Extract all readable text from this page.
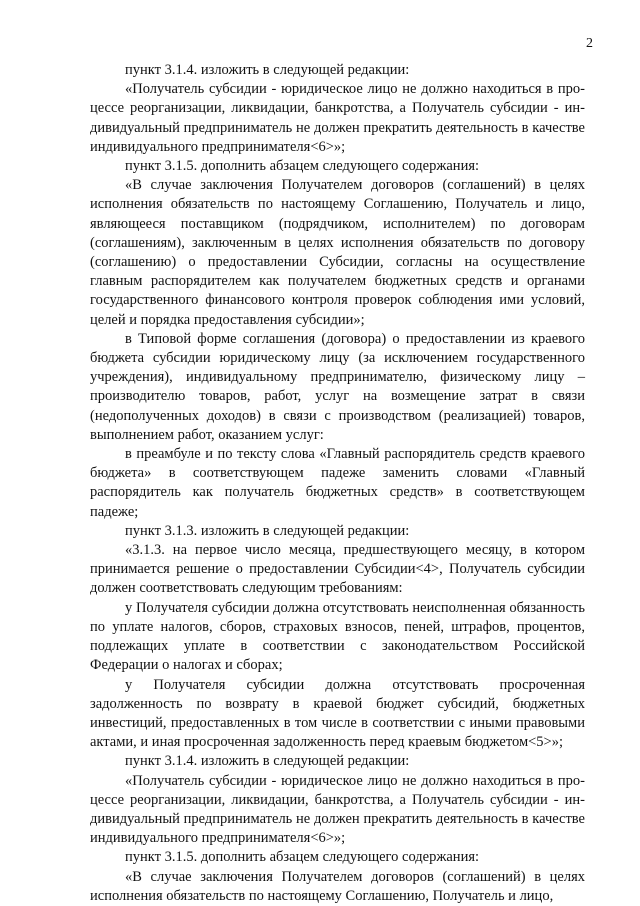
2

пункт 3.1.4. изложить в следующей редакции:

«Получатель субсидии - юридическое лицо не должно находиться в процессе реорганизации, ликвидации, банкротства, а Получатель субсидии - индивидуальный предприниматель не должен прекратить деятельность в качестве индивидуального предпринимателя<6>»;

пункт 3.1.5. дополнить абзацем следующего содержания:

«В случае заключения Получателем договоров (соглашений) в целях исполнения обязательств по настоящему Соглашению, Получатель и лицо, являющееся поставщиком (подрядчиком, исполнителем) по договорам (соглашениям), заключенным в целях исполнения обязательств по договору (соглашению) о предоставлении Субсидии, согласны на осуществление главным распорядителем как получателем бюджетных средств и органами государственного финансового контроля проверок соблюдения ими условий, целей и порядка предоставления субсидии»;

в Типовой форме соглашения (договора) о предоставлении из краевого бюджета субсидии юридическому лицу (за исключением государственного учреждения), индивидуальному предпринимателю, физическому лицу – производителю товаров, работ, услуг на возмещение затрат в связи (недополученных доходов) в связи с производством (реализацией) товаров, выполнением работ, оказанием услуг:

в преамбуле и по тексту слова «Главный распорядитель средств краевого бюджета» в соответствующем падеже заменить словами «Главный распорядитель как получатель бюджетных средств» в соответствующем падеже;

пункт 3.1.3. изложить в следующей редакции:

«3.1.3. на первое число месяца, предшествующего месяцу, в котором принимается решение о предоставлении Субсидии<4>, Получатель субсидии должен соответствовать следующим требованиям:

у Получателя субсидии должна отсутствовать неисполненная обязанность по уплате налогов, сборов, страховых взносов, пеней, штрафов, процентов, подлежащих уплате в соответствии с законодательством Российской Федерации о налогах и сборах;

у Получателя субсидии должна отсутствовать просроченная задолженность по возврату в краевой бюджет субсидий, бюджетных инвестиций, предоставленных в том числе в соответствии с иными правовыми актами, и иная просроченная задолженность перед краевым бюджетом<5>»;

пункт 3.1.4. изложить в следующей редакции:

«Получатель субсидии - юридическое лицо не должно находиться в процессе реорганизации, ликвидации, банкротства, а Получатель субсидии - индивидуальный предприниматель не должен прекратить деятельность в качестве индивидуального предпринимателя<6>»;

пункт 3.1.5. дополнить абзацем следующего содержания:

«В случае заключения Получателем договоров (соглашений) в целях исполнения обязательств по настоящему Соглашению, Получатель и лицо,
